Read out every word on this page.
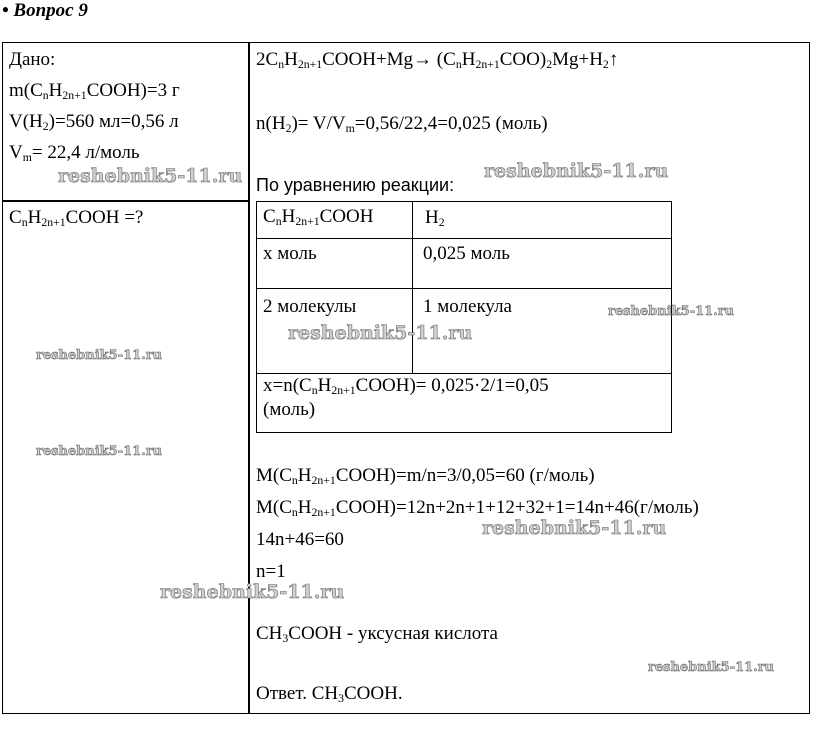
• Вопрос 9
Дано:
$m(C_nH_{2n+1}COOH)=3$ г
$V(H_2)=560$ мл=0,56 л
$V_m= 22,4$ л/моль
$C_nH_{2n+1}COOH$ =?
$2C_nH_{2n+1}COOH+Mg\to$ $(C_nH_{2n+1}COO)_2Mg+H_2↑$
$n(H_2)= V/V_m=0,56/22,4=0,025$ (моль)
По уравнению реакции:
$C_nH_{2n+1}COOH$	$H_2$
x моль	0,025 моль
2 молекулы	1 молекула
$x=n(C_nH_{2n+1}COOH)= 0,025\cdot 2/1=0,05$
(моль)
$M(C_nH_{2n+1}COOH)=m/n=3/0,05=60$ (г/моль)
$M(C_nH_{2n+1}COOH)=12n+2n+1+12+32+1=14n+46(г/моль)$
14n+46=60
n=1
$CH_3COOH$ - уксусная кислота
Ответ. $CH_3COOH$.
reshebnik5-11.ru	reshebnik5-11.ru
reshebnik5-11.ru
reshebnik5-11.ru
reshebnik5-11.ru
reshebnik5-11.ru
reshebnik5-11.ru
reshebnik5-11.ru
reshebnik5-11.ru
